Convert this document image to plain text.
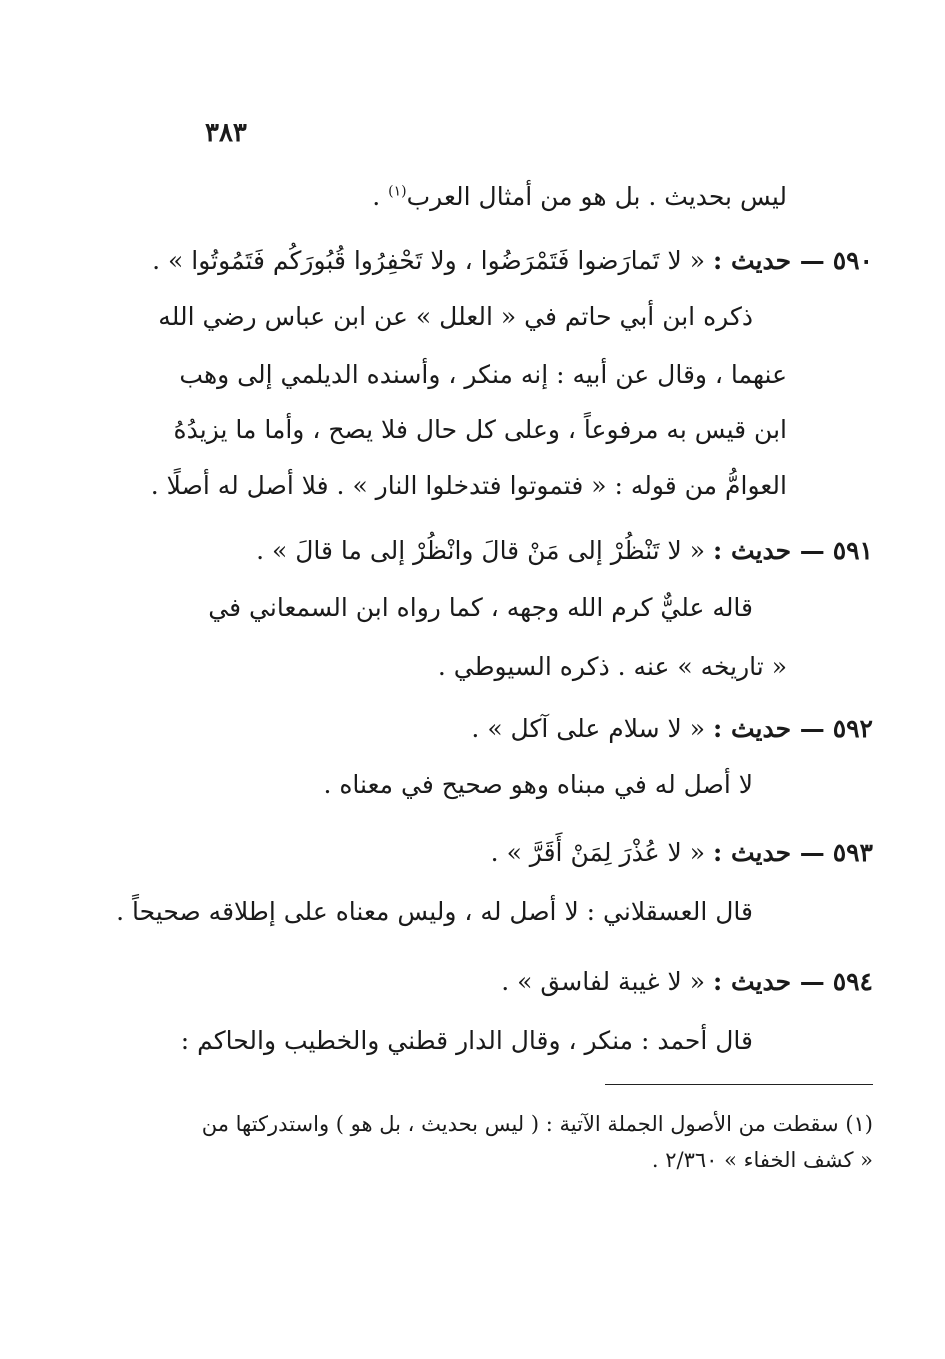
٣٨٣
ليس بحديث . بل هو من أمثال العرب$^{(١)}$ .
٥٩٠ — حديث : « لا تَمارَضوا فَتَمْرَضُوا ، ولا تَحْفِرُوا قُبُورَكُم فَتَمُوتُوا » .
ذكره ابن أبي حاتم في « العلل » عن ابن عباس رضي الله
عنهما ، وقال عن أبيه : إنه منكر ، وأسنده الديلمي إلى وهب
ابن قيس به مرفوعاً ، وعلى كل حال فلا يصح ، وأما ما يزيدُهُ
العوامُّ من قوله : « فتموتوا فتدخلوا النار » . فلا أصل له أصلًا .
٥٩١ — حديث : « لا تَنْظُرْ إلى مَنْ قالَ وانْظُرْ إلى ما قالَ » .
قاله عليٌّ كرم الله وجهه ، كما رواه ابن السمعاني في
« تاريخه » عنه . ذكره السيوطي .
٥٩٢ — حديث : « لا سلام على آكل » .
لا أصل له في مبناه وهو صحيح في معناه .
٥٩٣ — حديث : « لا عُذْرَ لِمَنْ أَقَرَّ » .
قال العسقلاني : لا أصل له ، وليس معناه على إطلاقه صحيحاً .
٥٩٤ — حديث : « لا غيبة لفاسق » .
قال أحمد : منكر ، وقال الدار قطني والخطيب والحاكم :
(١) سقطت من الأصول الجملة الآتية : ( ليس بحديث ، بل هو ) واستدركتها من
« كشف الخفاء » ٢/٣٦٠ .
